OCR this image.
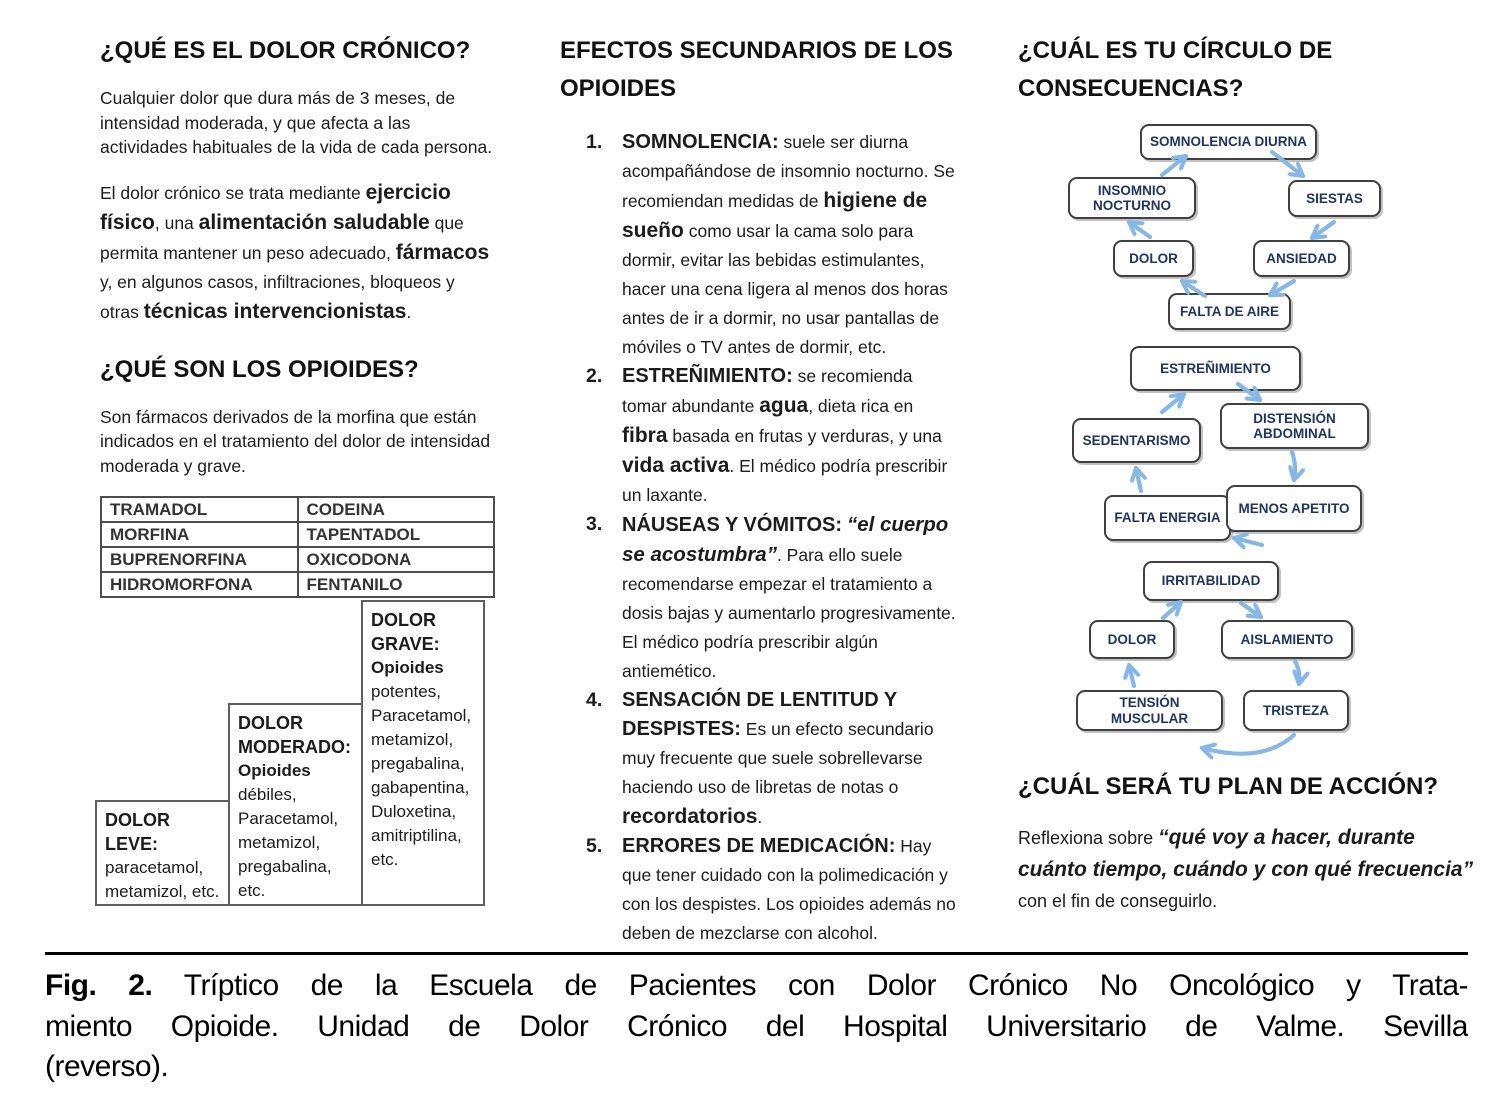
¿QUÉ ES EL DOLOR CRÓNICO?

Cualquier dolor que dura más de 3 meses, de intensidad moderada, y que afecta a las actividades habituales de la vida de cada persona.

El dolor crónico se trata mediante ejercicio físico, una alimentación saludable que permita mantener un peso adecuado, fármacos y, en algunos casos, infiltraciones, bloqueos y otras técnicas intervencionistas.

¿QUÉ SON LOS OPIOIDES?

Son fármacos derivados de la morfina que están indicados en el tratamiento del dolor de intensidad moderada y grave.

TRAMADOL	CODEINA
MORFINA	TAPENTADOL
BUPRENORFINA	OXICODONA
HIDROMORFONA	FENTANILO
DOLOR LEVE:
paracetamol, metamizol, etc.
DOLOR MODERADO:
Opioides débiles, Paracetamol, metamizol, pregabalina, etc.
DOLOR GRAVE:
Opioides potentes, Paracetamol, metamizol, pregabalina, gabapentina, Duloxetina, amitriptilina, etc.
EFECTOS SECUNDARIOS DE LOS OPIOIDES
1. SOMNOLENCIA: suele ser diurna acompañándose de insomnio nocturno. Se recomiendan medidas de higiene de sueño como usar la cama solo para dormir, evitar las bebidas estimulantes, hacer una cena ligera al menos dos horas antes de ir a dormir, no usar pantallas de móviles o TV antes de dormir, etc.
2. ESTREÑIMIENTO: se recomienda tomar abundante agua, dieta rica en fibra basada en frutas y verduras, y una vida activa. El médico podría prescribir un laxante.
3. NÁUSEAS Y VÓMITOS: “el cuerpo se acostumbra”. Para ello suele recomendarse empezar el tratamiento a dosis bajas y aumentarlo progresivamente. El médico podría prescribir algún antiemético.
4. SENSACIÓN DE LENTITUD Y DESPISTES: Es un efecto secundario muy frecuente que suele sobrellevarse haciendo uso de libretas de notas o recordatorios.
5. ERRORES DE MEDICACIÓN: Hay que tener cuidado con la polimedicación y con los despistes. Los opioides además no deben de mezclarse con alcohol.
¿CUÁL ES TU CÍRCULO DE CONSECUENCIAS?
SOMNOLENCIA DIURNA
INSOMNIO NOCTURNO	SIESTAS
DOLOR	ANSIEDAD
FALTA DE AIRE
ESTREÑIMIENTO
SEDENTARISMO
DISTENSIÓN ABDOMINAL
FALTA ENERGIA
MENOS APETITO
IRRITABILIDAD
DOLOR	AISLAMIENTO
TENSIÓN MUSCULAR
TRISTEZA
¿CUÁL SERÁ TU PLAN DE ACCIÓN?

Reflexiona sobre “qué voy a hacer, durante cuánto tiempo, cuándo y con qué frecuencia” con el fin de conseguirlo.

Fig. 2. Tríptico de la Escuela de Pacientes con Dolor Crónico No Oncológico y Trata-
miento Opioide. Unidad de Dolor Crónico del Hospital Universitario de Valme. Sevilla
(reverso).
